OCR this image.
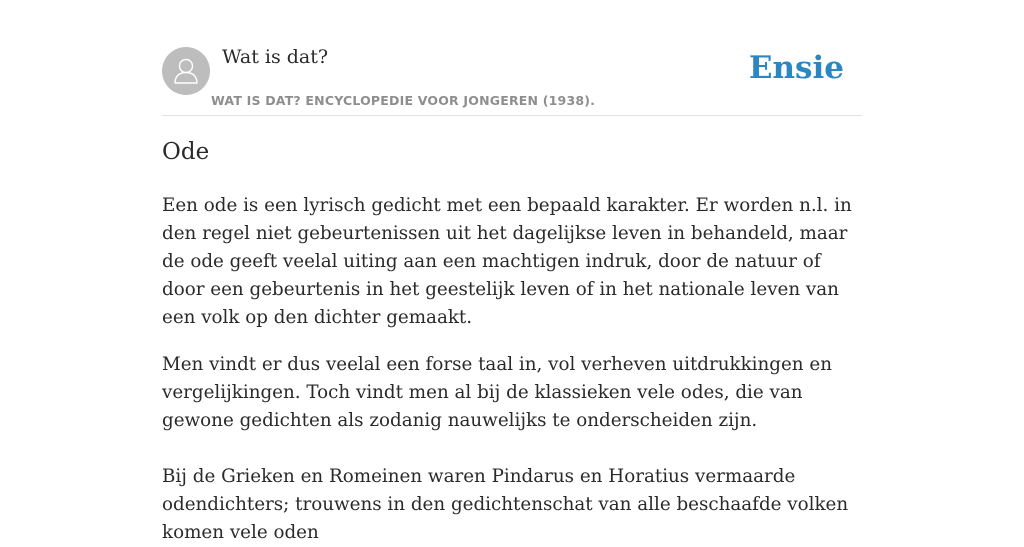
Wat is dat?
WAT IS DAT? ENCYCLOPEDIE VOOR JONGEREN (1938).
Ensie
Ode

Een ode is een lyrisch gedicht met een bepaald karakter. Er worden n.l. in den regel niet gebeurtenissen uit het dagelijkse leven in behandeld, maar de ode geeft veelal uiting aan een machtigen indruk, door de natuur of door een gebeurtenis in het geestelijk leven of in het nationale leven van een volk op den dichter gemaakt.

Men vindt er dus veelal een forse taal in, vol verheven uitdrukkingen en vergelijkingen. Toch vindt men al bij de klassieken vele odes, die van gewone gedichten als zodanig nauwelijks te onderscheiden zijn.

Bij de Grieken en Romeinen waren Pindarus en Horatius vermaarde odendichters; trouwens in den gedichtenschat van alle beschaafde volken komen vele oden
